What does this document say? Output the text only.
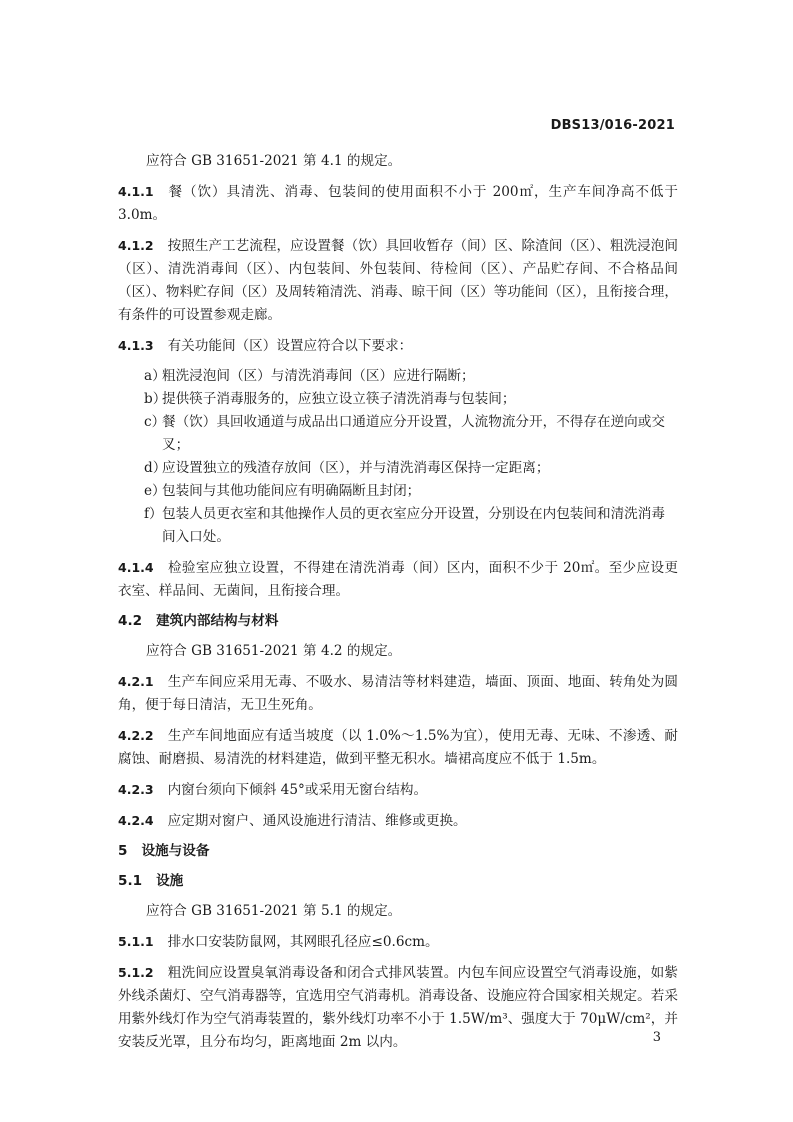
DBS13/016-2021

应符合 GB 31651-2021 第 4.1 的规定。

4.1.1 餐（饮）具清洗、消毒、包装间的使用面积不小于 200㎡，生产车间净高不低于 3.0m。

4.1.2 按照生产工艺流程，应设置餐（饮）具回收暂存（间）区、除渣间（区）、粗洗浸泡间（区）、清洗消毒间（区）、内包装间、外包装间、待检间（区）、产品贮存间、不合格品间（区）、物料贮存间（区）及周转箱清洗、消毒、晾干间（区）等功能间（区），且衔接合理，有条件的可设置参观走廊。

4.1.3 有关功能间（区）设置应符合以下要求：

a）
粗洗浸泡间（区）与清洗消毒间（区）应进行隔断；
b）
提供筷子消毒服务的，应独立设立筷子清洗消毒与包装间；
c）
餐（饮）具回收通道与成品出口通道应分开设置，人流物流分开，不得存在逆向或交叉；
d）
应设置独立的残渣存放间（区），并与清洗消毒区保持一定距离；
e）
包装间与其他功能间应有明确隔断且封闭；
f） 包装人员更衣室和其他操作人员的更衣室应分开设置，分别设在内包装间和清洗消毒间入口处。

4.1.4 检验室应独立设置，不得建在清洗消毒（间）区内，面积不少于 20㎡。至少应设更衣室、样品间、无菌间，且衔接合理。

4.2 建筑内部结构与材料

应符合 GB 31651-2021 第 4.2 的规定。

4.2.1 生产车间应采用无毒、不吸水、易清洁等材料建造，墙面、顶面、地面、转角处为圆角，便于每日清洁，无卫生死角。

4.2.2 生产车间地面应有适当坡度（以 1.0%～1.5%为宜），使用无毒、无味、不渗透、耐腐蚀、耐磨损、易清洗的材料建造，做到平整无积水。墙裙高度应不低于 1.5m。

4.2.3 内窗台须向下倾斜 45°或采用无窗台结构。

4.2.4 应定期对窗户、通风设施进行清洁、维修或更换。

5 设施与设备
5.1 设施

应符合 GB 31651-2021 第 5.1 的规定。

5.1.1 排水口安装防鼠网，其网眼孔径应≤0.6cm。

5.1.2 粗洗间应设置臭氧消毒设备和闭合式排风装置。内包车间应设置空气消毒设施，如紫外线杀菌灯、空气消毒器等，宜选用空气消毒机。消毒设备、设施应符合国家相关规定。若采用紫外线灯作为空气消毒装置的，紫外线灯功率不小于 1.5W/m³、强度大于 70μW/cm²，并安装反光罩，且分布均匀，距离地面 2m 以内。	3
